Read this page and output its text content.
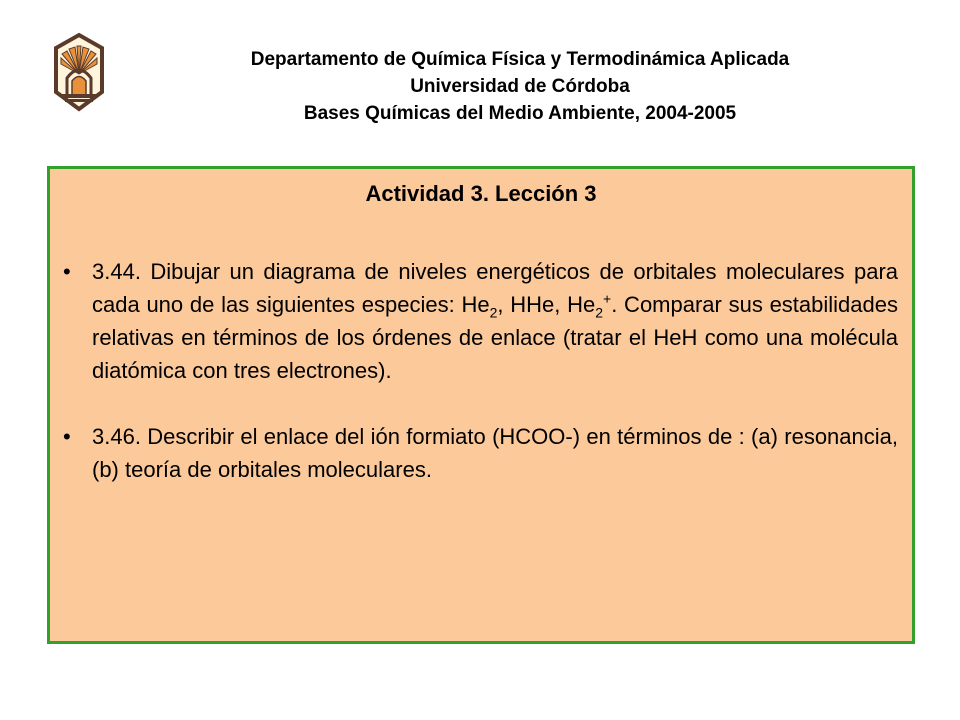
Departamento de Química Física y Termodinámica Aplicada
Universidad de Córdoba
Bases Químicas del Medio Ambiente, 2004-2005
Actividad 3. Lección 3
• 3.44. Dibujar un diagrama de niveles energéticos de orbitales moleculares para cada uno de las siguientes especies: $He_2$, HHe, $He_2^+$. Comparar sus estabilidades relativas en términos de los órdenes de enlace (tratar el HeH como una molécula diatómica con tres electrones).
• 3.46. Describir el enlace del ión formiato (HCOO-) en términos de : (a) resonancia, (b) teoría de orbitales moleculares.
